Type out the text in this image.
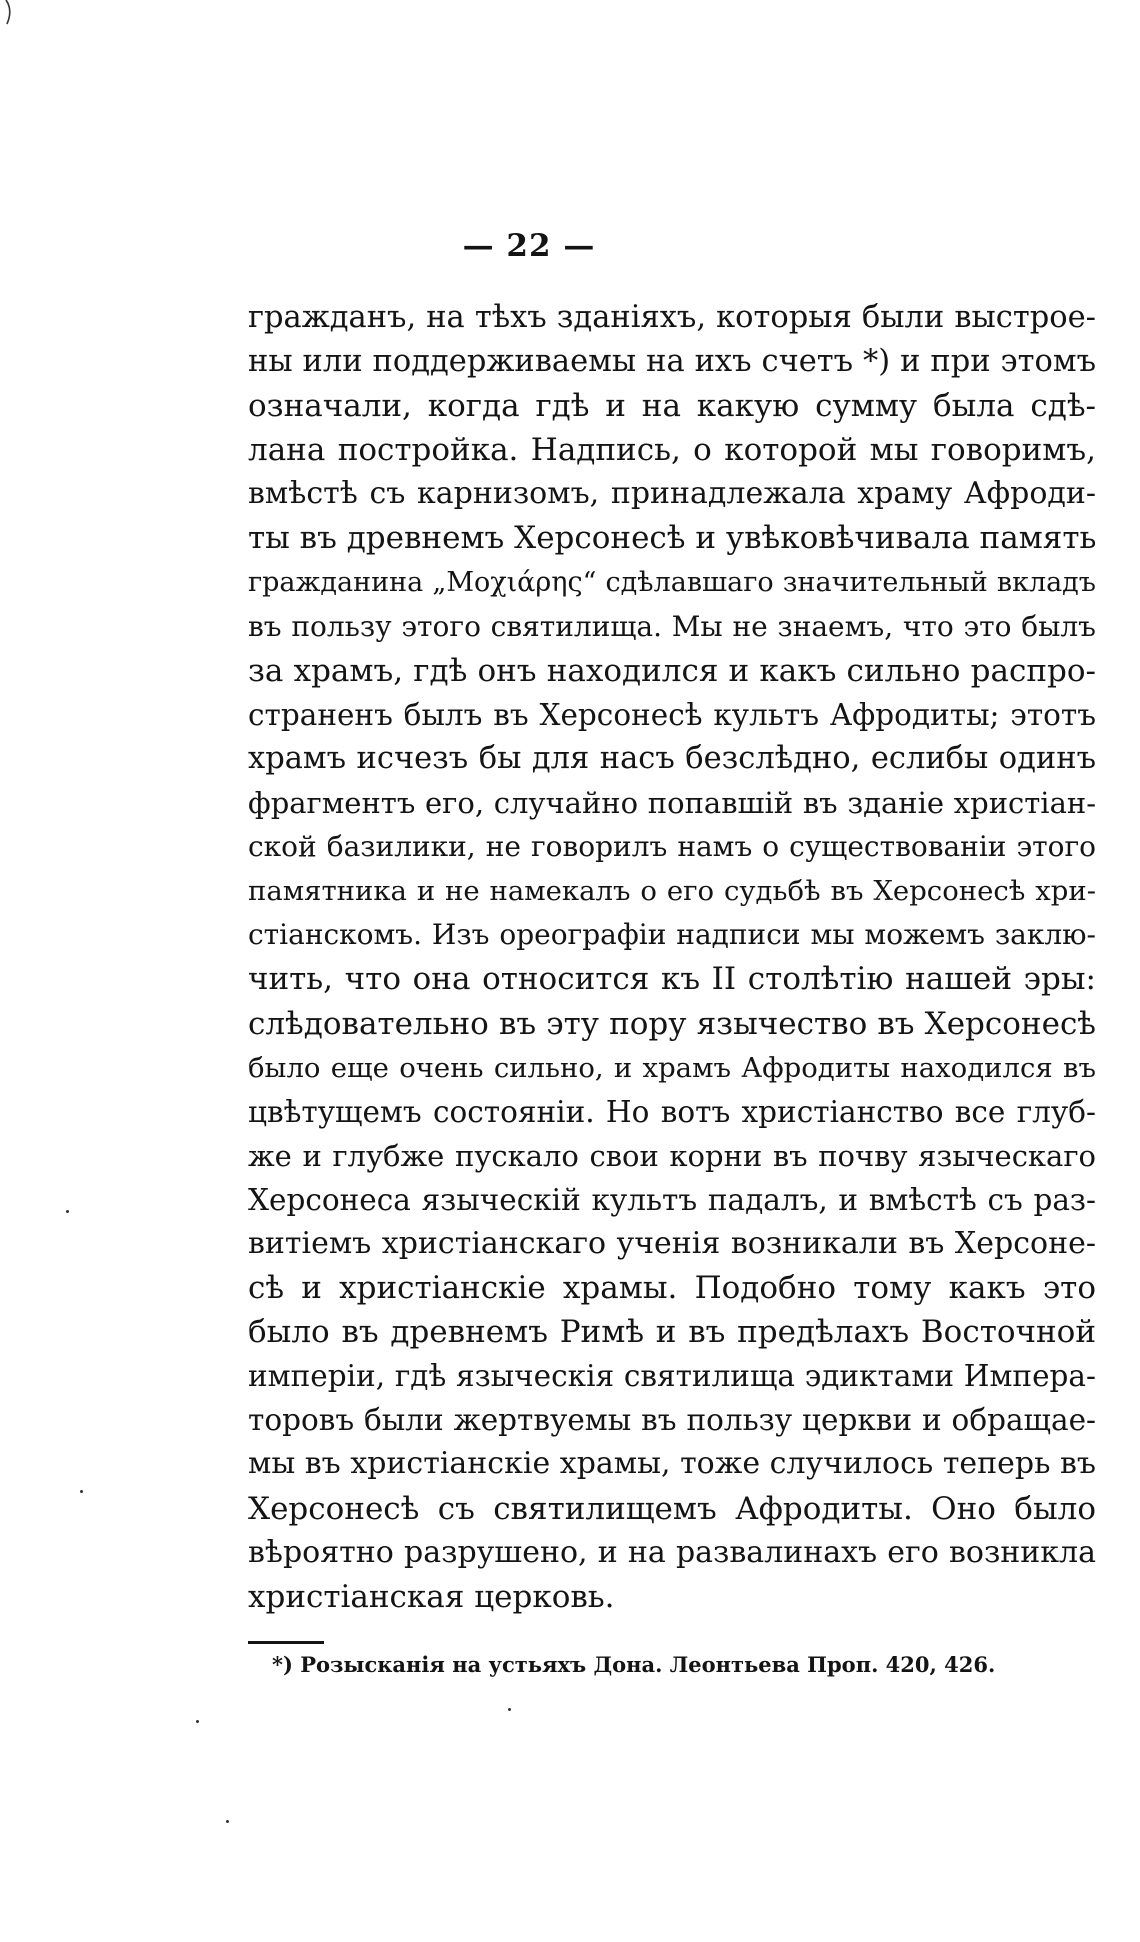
— 22 —
гражданъ, на тѣхъ зданіяхъ, которыя были выстрое-
ны или поддерживаемы на ихъ счетъ *) и при этомъ
означали, когда гдѣ и на какую сумму была сдѣ-
лана постройка. Надпись, о которой мы говоримъ,
вмѣстѣ съ карнизомъ, принадлежала храму Афроди-
ты въ древнемъ Херсонесѣ и увѣковѣчивала память
гражданина „Μοχιάρης“ сдѣлавшаго значительный вкладъ
въ пользу этого святилища. Мы не знаемъ, что это былъ
за храмъ, гдѣ онъ находился и какъ сильно распро-
страненъ былъ въ Херсонесѣ культъ Афродиты; этотъ
храмъ исчезъ бы для насъ безслѣдно, еслибы одинъ
фрагментъ его, случайно попавшій въ зданіе христіан-
ской базилики, не говорилъ намъ о существованіи этого
памятника и не намекалъ о его судьбѣ въ Херсонесѣ хри-
стіанскомъ. Изъ ореографіи надписи мы можемъ заклю-
чить, что она относится къ II столѣтію нашей эры:
слѣдовательно въ эту пору язычество въ Херсонесѣ
было еще очень сильно, и храмъ Афродиты находился въ
цвѣтущемъ состояніи. Но вотъ христіанство все глуб-
же и глубже пускало свои корни въ почву языческаго
Херсонеса языческій культъ падалъ, и вмѣстѣ съ раз-
витіемъ христіанскаго ученія возникали въ Херсоне-
сѣ и христіанскіе храмы. Подобно тому какъ это
было въ древнемъ Римѣ и въ предѣлахъ Восточной
имперіи, гдѣ языческія святилища эдиктами Импера-
торовъ были жертвуемы въ пользу церкви и обращае-
мы въ христіанскіе храмы, тоже случилось теперь въ
Херсонесѣ съ святилищемъ Афродиты. Оно было
вѣроятно разрушено, и на развалинахъ его возникла
христіанская церковь.
*) Розысканія на устьяхъ Дона. Леонтьева Проп. 420, 426.
